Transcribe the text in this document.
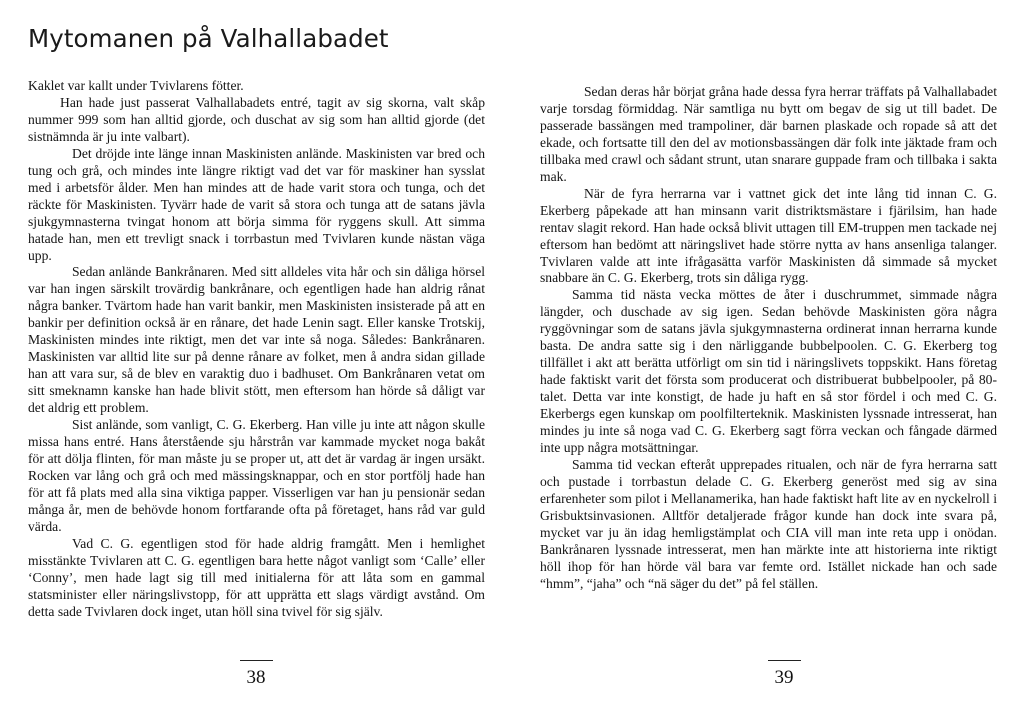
Mytomanen på Valhallabadet

Kaklet var kallt under Tvivlarens fötter.

Han hade just passerat Valhallabadets entré, tagit av sig skorna, valt skåp nummer 999 som han alltid gjorde, och duschat av sig som han alltid gjorde (det sistnämnda är ju inte valbart).

Det dröjde inte länge innan Maskinisten anlände. Maskinisten var bred och tung och grå, och mindes inte längre riktigt vad det var för maskiner han sysslat med i arbetsför ålder. Men han mindes att de hade varit stora och tunga, och det räckte för Maskinisten. Tyvärr hade de varit så stora och tunga att de satans jävla sjukgymnasterna tvingat honom att börja simma för ryggens skull. Att simma hatade han, men ett trevligt snack i torrbastun med Tvivlaren kunde nästan väga upp.

Sedan anlände Bankrånaren. Med sitt alldeles vita hår och sin dåliga hörsel var han ingen särskilt trovärdig bankrånare, och egentligen hade han aldrig rånat några banker. Tvärtom hade han varit bankir, men Maskinisten insisterade på att en bankir per definition också är en rånare, det hade Lenin sagt. Eller kanske Trotskij, Maskinisten mindes inte riktigt, men det var inte så noga. Således: Bankrånaren. Maskinisten var alltid lite sur på denne rånare av folket, men å andra sidan gillade han att vara sur, så de blev en varaktig duo i badhuset. Om Bankrånaren vetat om sitt smeknamn kanske han hade blivit stött, men eftersom han hörde så dåligt var det aldrig ett problem.

Sist anlände, som vanligt, C. G. Ekerberg. Han ville ju inte att någon skulle missa hans entré. Hans återstående sju hårstrån var kammade mycket noga bakåt för att dölja flinten, för man måste ju se proper ut, att det är vardag är ingen ursäkt. Rocken var lång och grå och med mässingsknappar, och en stor portfölj hade han för att få plats med alla sina viktiga papper. Visserligen var han ju pensionär sedan många år, men de behövde honom fortfarande ofta på företaget, hans råd var guld värda.

Vad C. G. egentligen stod för hade aldrig framgått. Men i hemlighet misstänkte Tvivlaren att C. G. egentligen bara hette något vanligt som ‘Calle’ eller ‘Conny’, men hade lagt sig till med initialerna för att låta som en gammal statsminister eller näringslivstopp, för att upprätta ett slags värdigt avstånd. Om detta sade Tvivlaren dock inget, utan höll sina tvivel för sig själv.

Sedan deras hår börjat gråna hade dessa fyra herrar träffats på Valhallabadet varje torsdag förmiddag. När samtliga nu bytt om begav de sig ut till badet. De passerade bassängen med trampoliner, där barnen plaskade och ropade så att det ekade, och fortsatte till den del av motionsbassängen där folk inte jäktade fram och tillbaka med crawl och sådant strunt, utan snarare guppade fram och tillbaka i sakta mak.

När de fyra herrarna var i vattnet gick det inte lång tid innan C. G. Ekerberg påpekade att han minsann varit distriktsmästare i fjärilsim, han hade rentav slagit rekord. Han hade också blivit uttagen till EM-truppen men tackade nej eftersom han bedömt att näringslivet hade större nytta av hans ansenliga talanger. Tvivlaren valde att inte ifrågasätta varför Maskinisten då simmade så mycket snabbare än C. G. Ekerberg, trots sin dåliga rygg.

Samma tid nästa vecka möttes de åter i duschrummet, simmade några längder, och duschade av sig igen. Sedan behövde Maskinisten göra några ryggövningar som de satans jävla sjukgymnasterna ordinerat innan herrarna kunde basta. De andra satte sig i den närliggande bubbelpoolen. C. G. Ekerberg tog tillfället i akt att berätta utförligt om sin tid i näringslivets toppskikt. Hans företag hade faktiskt varit det första som producerat och distribuerat bubbelpooler, på 80-talet. Detta var inte konstigt, de hade ju haft en så stor fördel i och med C. G. Ekerbergs egen kunskap om poolfilterteknik. Maskinisten lyssnade intresserat, han mindes ju inte så noga vad C. G. Ekerberg sagt förra veckan och fångade därmed inte upp några motsättningar.

Samma tid veckan efteråt upprepades ritualen, och när de fyra herrarna satt och pustade i torrbastun delade C. G. Ekerberg generöst med sig av sina erfarenheter som pilot i Mellanamerika, han hade faktiskt haft lite av en nyckelroll i Grisbuktsinvasionen. Alltför detaljerade frågor kunde han dock inte svara på, mycket var ju än idag hemligstämplat och CIA vill man inte reta upp i onödan. Bankrånaren lyssnade intresserat, men han märkte inte att historierna inte riktigt höll ihop för han hörde väl bara var femte ord. Istället nickade han och sade “hmm”, “jaha” och “nä säger du det” på fel ställen.

38	39
